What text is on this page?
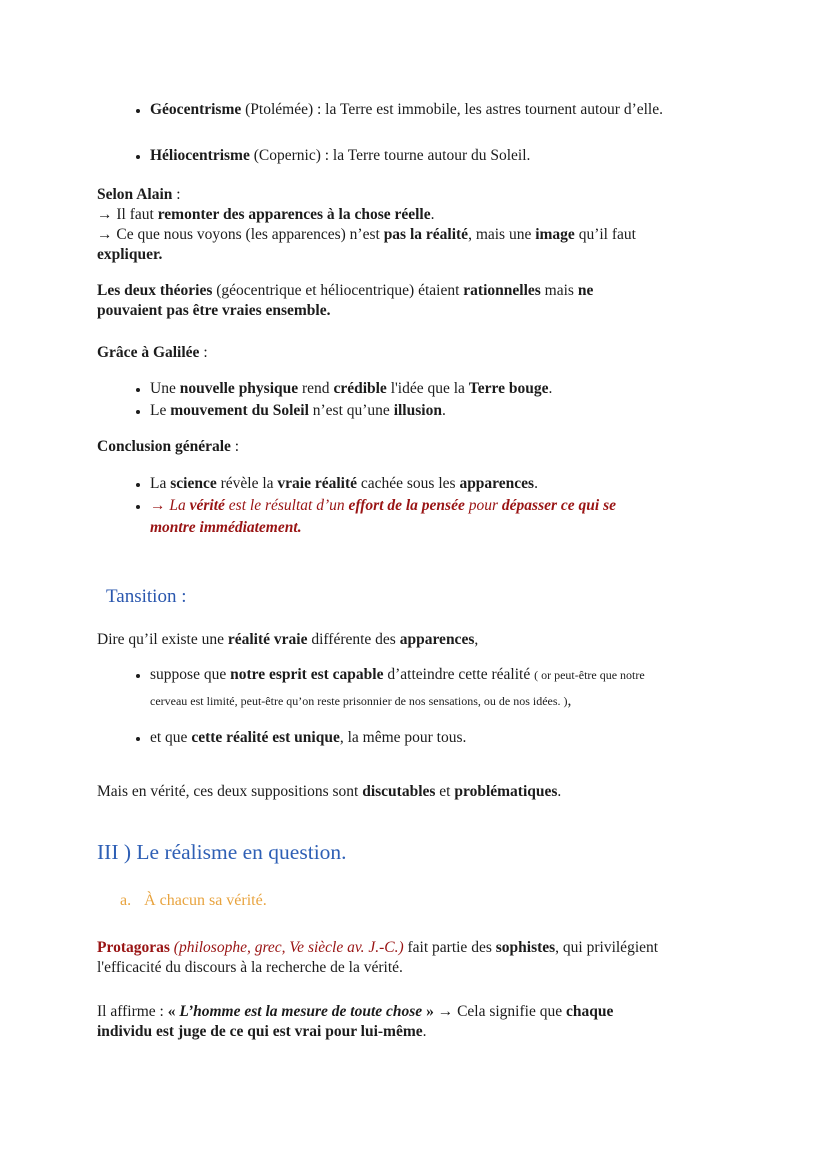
• Géocentrisme (Ptolémée) : la Terre est immobile, les astres tournent autour d’elle.
• Héliocentrisme (Copernic) : la Terre tourne autour du Soleil.

Selon Alain :
→ Il faut remonter des apparences à la chose réelle.
→ Ce que nous voyons (les apparences) n’est pas la réalité, mais une image qu’il faut
expliquer.

Les deux théories (géocentrique et héliocentrique) étaient rationnelles mais ne
pouvaient pas être vraies ensemble.

Grâce à Galilée :

• Une nouvelle physique rend crédible l'idée que la Terre bouge.
• Le mouvement du Soleil n’est qu’une illusion.

Conclusion générale :

• La science révèle la vraie réalité cachée sous les apparences.
• → La vérité est le résultat d’un effort de la pensée pour dépasser ce qui se
montre immédiatement.
Tansition :

Dire qu’il existe une réalité vraie différente des apparences,

• suppose que notre esprit est capable d’atteindre cette réalité ( or peut-être que notre
cerveau est limité, peut-être qu’on reste prisonnier de nos sensations, ou de nos idées. ),
• et que cette réalité est unique, la même pour tous.

Mais en vérité, ces deux suppositions sont discutables et problématiques.

III ) Le réalisme en question.
a. À chacun sa vérité.

Protagoras (philosophe, grec, Ve siècle av. J.-C.) fait partie des sophistes, qui privilégient
l'efficacité du discours à la recherche de la vérité.

Il affirme : « L’homme est la mesure de toute chose » → Cela signifie que chaque
individu est juge de ce qui est vrai pour lui-même.
